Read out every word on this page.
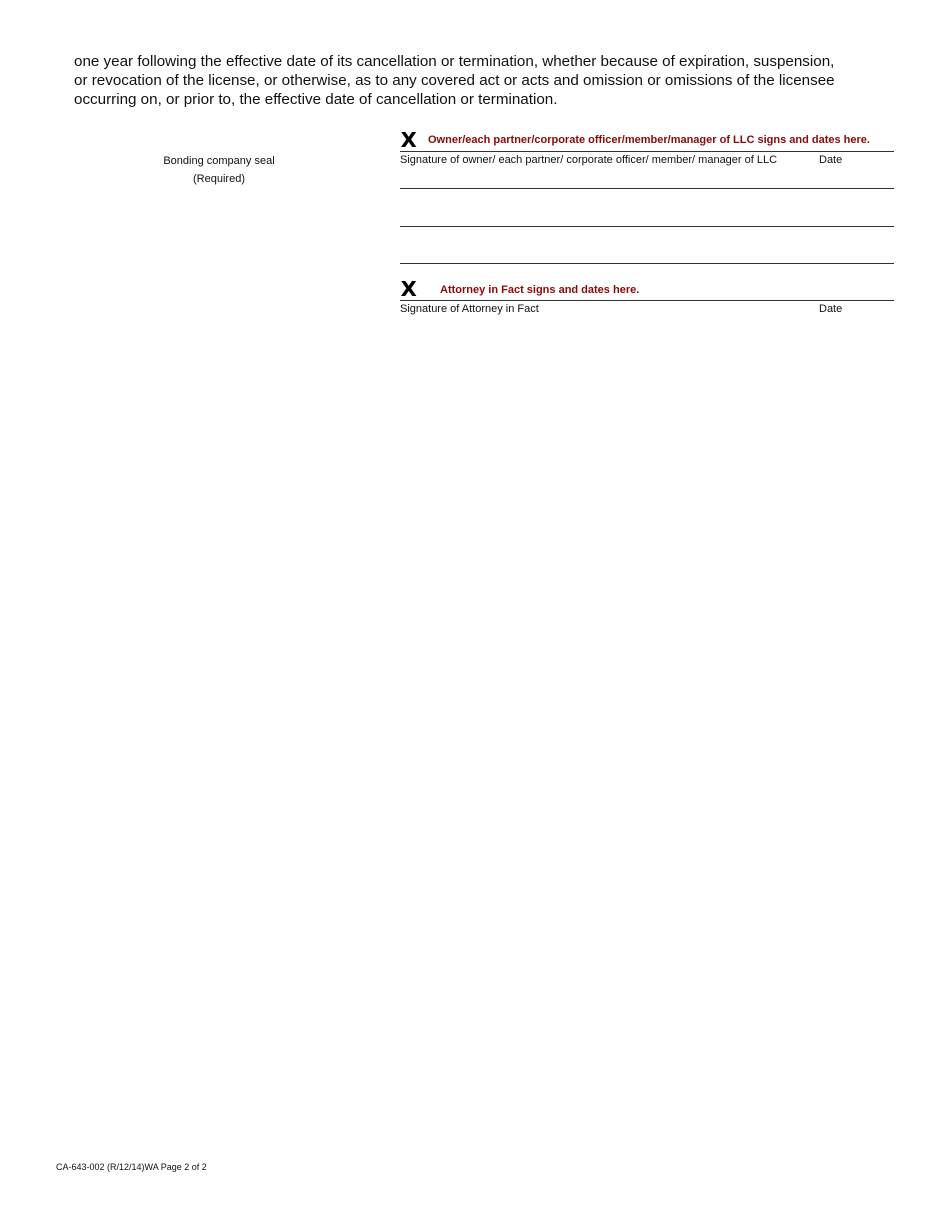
one year following the effective date of its cancellation or termination, whether because of expiration, suspension,
or revocation of the license, or otherwise, as to any covered act or acts and omission or omissions of the licensee
occurring on, or prior to, the effective date of cancellation or termination.
Bonding company seal
(Required)
X Owner/each partner/corporate officer/member/manager of LLC signs and dates here.
Signature of owner/ each partner/ corporate officer/ member/ manager of LLC	Date
X Attorney in Fact signs and dates here.
Signature of Attorney in Fact	Date
CA-643-002 (R/12/14)WA Page 2 of 2
